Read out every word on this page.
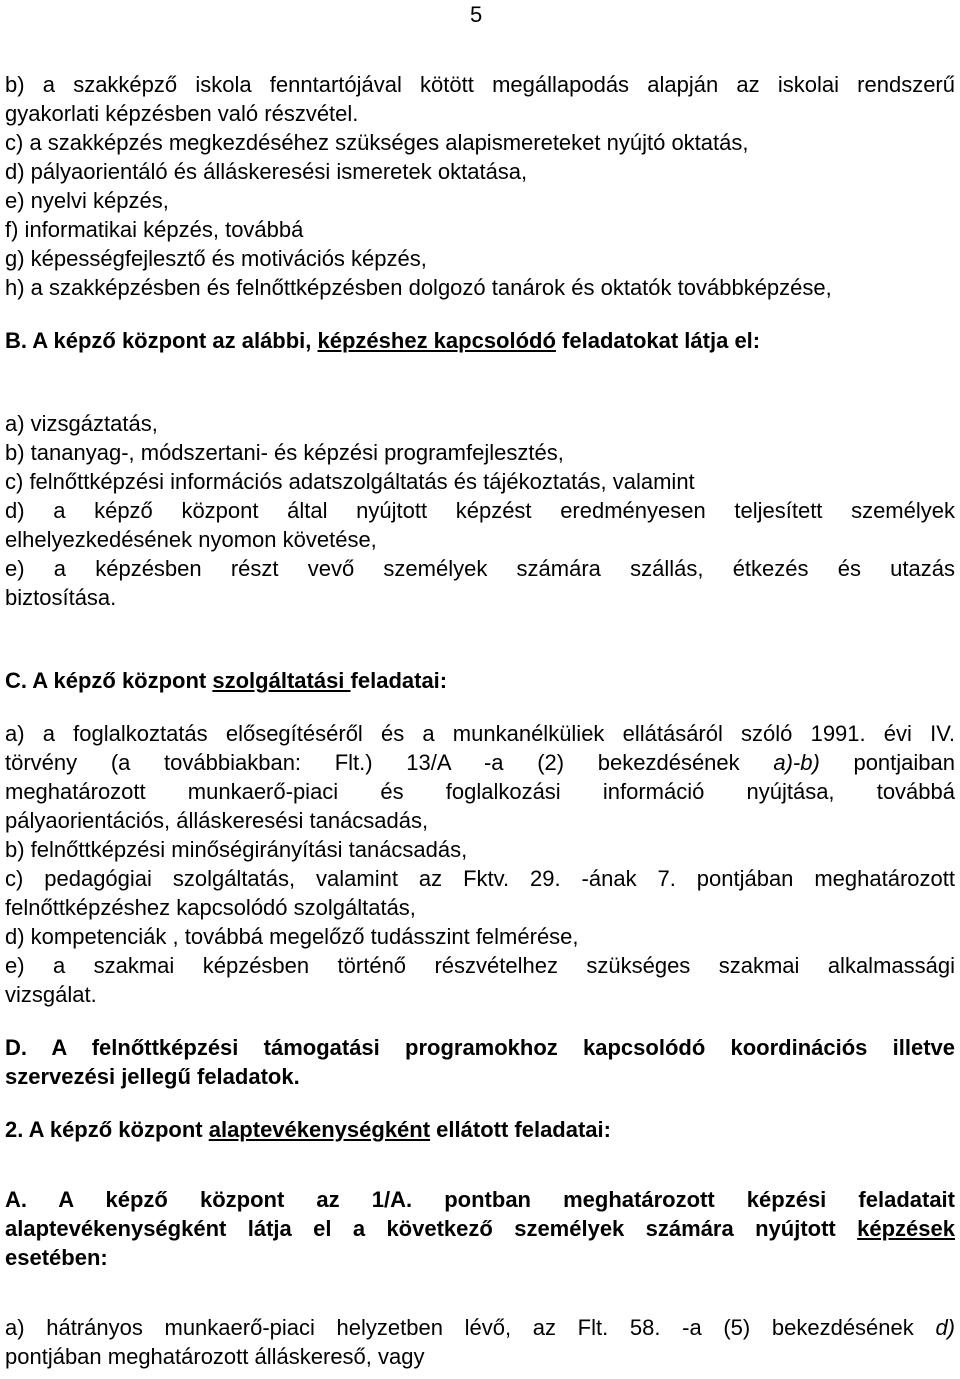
5
b) a szakképző iskola fenntartójával kötött megállapodás alapján az iskolai rendszerű
gyakorlati képzésben való részvétel.
c) a szakképzés megkezdéséhez szükséges alapismereteket nyújtó oktatás,
d) pályaorientáló és álláskeresési ismeretek oktatása,
e) nyelvi képzés,
f) informatikai képzés, továbbá
g) képességfejlesztő és motivációs képzés,
h) a szakképzésben és felnőttképzésben dolgozó tanárok és oktatók továbbképzése,
B. A képző központ az alábbi, képzéshez kapcsolódó feladatokat látja el:
a) vizsgáztatás,
b) tananyag-, módszertani- és képzési programfejlesztés,
c) felnőttképzési információs adatszolgáltatás és tájékoztatás, valamint
d) a képző központ által nyújtott képzést eredményesen teljesített személyek
elhelyezkedésének nyomon követése,
e) a képzésben részt vevő személyek számára szállás, étkezés és utazás
biztosítása.
C. A képző központ szolgáltatási feladatai:
a) a foglalkoztatás elősegítéséről és a munkanélküliek ellátásáról szóló 1991. évi IV.
törvény (a továbbiakban: Flt.) 13/A -a (2) bekezdésének a)-b) pontjaiban
meghatározott munkaerő-piaci és foglalkozási információ nyújtása, továbbá
pályaorientációs, álláskeresési tanácsadás,
b) felnőttképzési minőségirányítási tanácsadás,
c) pedagógiai szolgáltatás, valamint az Fktv. 29. -ának 7. pontjában meghatározott
felnőttképzéshez kapcsolódó szolgáltatás,
d) kompetenciák , továbbá megelőző tudásszint felmérése,
e) a szakmai képzésben történő részvételhez szükséges szakmai alkalmassági
vizsgálat.
D. A felnőttképzési támogatási programokhoz kapcsolódó koordinációs illetve
szervezési jellegű feladatok.
2. A képző központ alaptevékenységként ellátott feladatai:
A. A képző központ az 1/A. pontban meghatározott képzési feladatait
alaptevékenységként látja el a következő személyek számára nyújtott képzések
esetében:
a) hátrányos munkaerő-piaci helyzetben lévő, az Flt. 58. -a (5) bekezdésének d)
pontjában meghatározott álláskereső, vagy
